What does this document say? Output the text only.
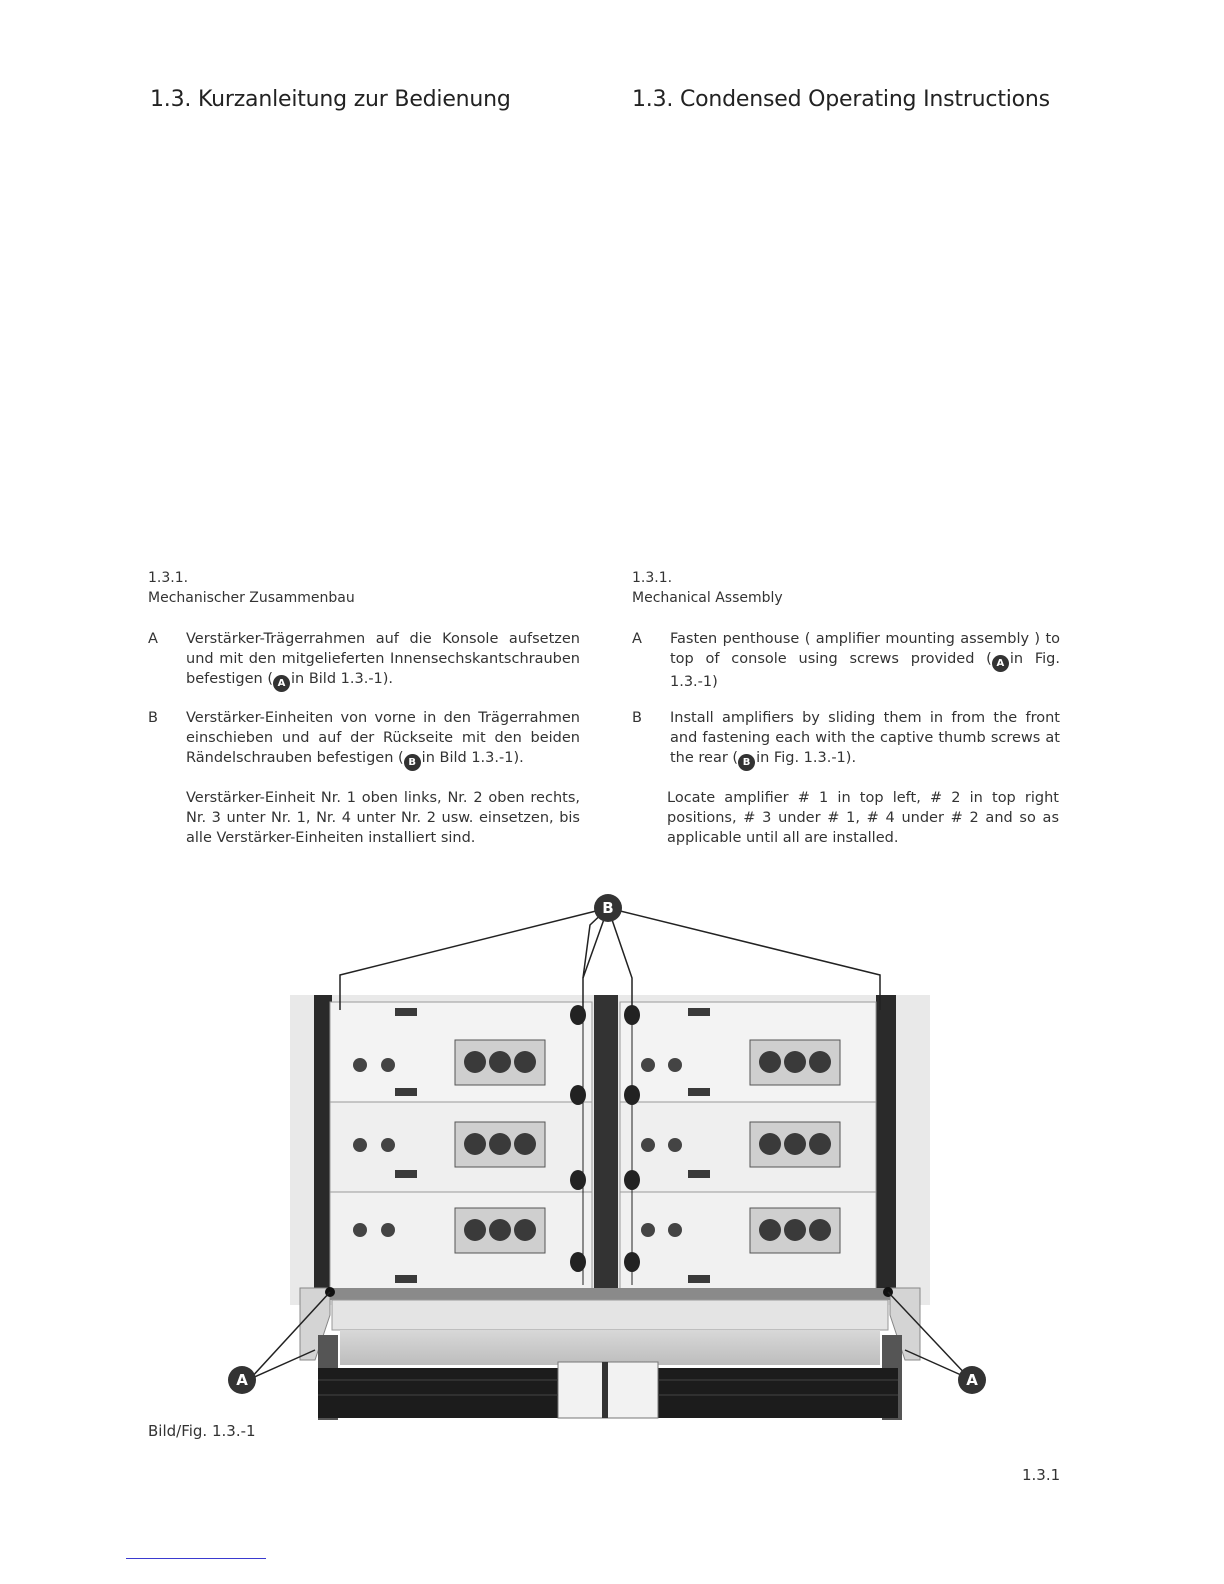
1.3. Kurzanleitung zur Bedienung	1.3. Condensed Operating Instructions
1.3.1.
Mechanischer Zusammenbau
A Verstärker-Trägerrahmen auf die Konsole aufsetzen und mit den mitgelieferten Innensechskantschrauben befestigen ( A in Bild 1.3.-1).
B Verstärker-Einheiten von vorne in den Trägerrahmen einschieben und auf der Rückseite mit den beiden Rändelschrauben befestigen ( B in Bild 1.3.-1).
Verstärker-Einheit Nr. 1 oben links, Nr. 2 oben rechts, Nr. 3 unter Nr. 1, Nr. 4 unter Nr. 2 usw. einsetzen, bis alle Verstärker-Einheiten installiert sind.
1.3.1.
Mechanical Assembly
A Fasten penthouse ( amplifier mounting assembly ) to top of console using screws provided ( A in Fig. 1.3.-1)
B Install amplifiers by sliding them in from the front and fastening each with the captive thumb screws at the rear ( B in Fig. 1.3.-1).
Locate amplifier # 1 in top left, # 2 in top right positions, # 3 under # 1, # 4 under # 2 and so as applicable until all are installed.
B
A	A
Bild/Fig. 1.3.-1
1.3.1
